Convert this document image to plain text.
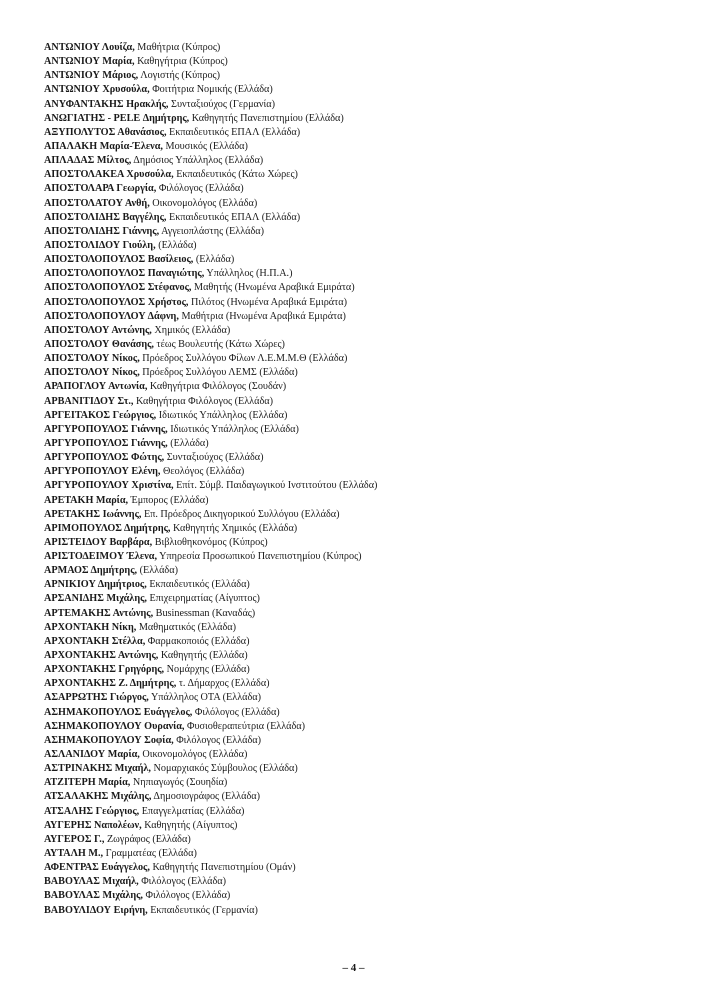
ΑΝΤΩΝΙΟΥ Λουίζα, Μαθήτρια (Κύπρος)
ΑΝΤΩΝΙΟΥ Μαρία, Καθηγήτρια (Κύπρος)
ΑΝΤΩΝΙΟΥ Μάριος, Λογιστής (Κύπρος)
ΑΝΤΩΝΙΟΥ Χρυσούλα, Φοιτήτρια Νομικής (Ελλάδα)
ΑΝΥΦΑΝΤΑΚΗΣ Ηρακλής, Συνταξιούχος (Γερμανία)
ΑΝΩΓΙΑΤΗΣ - PELE Δημήτρης, Καθηγητής Πανεπιστημίου (Ελλάδα)
ΑΞΥΠΟΛΥΤΟΣ Αθανάσιος, Εκπαιδευτικός ΕΠΑΛ (Ελλάδα)
ΑΠΑΛΑΚΗ Μαρία-Έλενα, Μουσικός (Ελλάδα)
ΑΠΛΑΔΑΣ Μίλτος, Δημόσιος Υπάλληλος (Ελλάδα)
ΑΠΟΣΤΟΛΑΚΕΑ Χρυσούλα, Εκπαιδευτικός (Κάτω Χώρες)
ΑΠΟΣΤΟΛΑΡΑ Γεωργία, Φιλόλογος (Ελλάδα)
ΑΠΟΣΤΟΛΑΤΟΥ Ανθή, Οικονομολόγος (Ελλάδα)
ΑΠΟΣΤΟΛΙΔΗΣ Βαγγέλης, Εκπαιδευτικός ΕΠΑΛ (Ελλάδα)
ΑΠΟΣΤΟΛΙΔΗΣ Γιάννης, Αγγειοπλάστης (Ελλάδα)
ΑΠΟΣΤΟΛΙΔΟΥ Γιούλη, (Ελλάδα)
ΑΠΟΣΤΟΛΟΠΟΥΛΟΣ Βασίλειος, (Ελλάδα)
ΑΠΟΣΤΟΛΟΠΟΥΛΟΣ Παναγιώτης, Υπάλληλος (Η.Π.Α.)
ΑΠΟΣΤΟΛΟΠΟΥΛΟΣ Στέφανος, Μαθητής (Ηνωμένα Αραβικά Εμιράτα)
ΑΠΟΣΤΟΛΟΠΟΥΛΟΣ Χρήστος, Πιλότος (Ηνωμένα Αραβικά Εμιράτα)
ΑΠΟΣΤΟΛΟΠΟΥΛΟΥ Δάφνη, Μαθήτρια (Ηνωμένα Αραβικά Εμιράτα)
ΑΠΟΣΤΟΛΟΥ Αντώνης, Χημικός (Ελλάδα)
ΑΠΟΣΤΟΛΟΥ Θανάσης, τέως Βουλευτής (Κάτω Χώρες)
ΑΠΟΣΤΟΛΟΥ Νίκος, Πρόεδρος Συλλόγου Φίλων Λ.Ε.Μ.Μ.Θ (Ελλάδα)
ΑΠΟΣΤΟΛΟΥ Νίκος, Πρόεδρος Συλλόγου ΛΕΜΣ (Ελλάδα)
ΑΡΑΠΟΓΛΟΥ Αντωνία, Καθηγήτρια Φιλόλογος (Σουδάν)
ΑΡΒΑΝΙΤΙΔΟΥ Στ., Καθηγήτρια Φιλόλογος (Ελλάδα)
ΑΡΓΕΙΤΑΚΟΣ Γεώργιος, Ιδιωτικός Υπάλληλος (Ελλάδα)
ΑΡΓΥΡΟΠΟΥΛΟΣ Γιάννης, Ιδιωτικός Υπάλληλος (Ελλάδα)
ΑΡΓΥΡΟΠΟΥΛΟΣ Γιάννης, (Ελλάδα)
ΑΡΓΥΡΟΠΟΥΛΟΣ Φώτης, Συνταξιούχος (Ελλάδα)
ΑΡΓΥΡΟΠΟΥΛΟΥ Ελένη, Θεολόγος (Ελλάδα)
ΑΡΓΥΡΟΠΟΥΛΟΥ Χριστίνα, Επίτ. Σύμβ. Παιδαγωγικού Ινστιτούτου (Ελλάδα)
ΑΡΕΤΑΚΗ Μαρία, Έμπορος (Ελλάδα)
ΑΡΕΤΑΚΗΣ Ιωάννης, Επ. Πρόεδρος Δικηγορικού Συλλόγου (Ελλάδα)
ΑΡΙΜΟΠΟΥΛΟΣ Δημήτρης, Καθηγητής Χημικός (Ελλάδα)
ΑΡΙΣΤΕΙΔΟΥ Βαρβάρα, Βιβλιοθηκονόμος (Κύπρος)
ΑΡΙΣΤΟΔΕΙΜΟΥ Έλενα, Υπηρεσία Προσωπικού Πανεπιστημίου (Κύπρος)
ΑΡΜΑΟΣ Δημήτρης, (Ελλάδα)
ΑΡΝΙΚΙΟΥ Δημήτριος, Εκπαιδευτικός (Ελλάδα)
ΑΡΣΑΝΙΔΗΣ Μιχάλης, Επιχειρηματίας (Αίγυπτος)
ΑΡΤΕΜΑΚΗΣ Αντώνης, Businessman (Καναδάς)
ΑΡΧΟΝΤΑΚΗ Νίκη, Μαθηματικός (Ελλάδα)
ΑΡΧΟΝΤΑΚΗ Στέλλα, Φαρμακοποιός (Ελλάδα)
ΑΡΧΟΝΤΑΚΗΣ Αντώνης, Καθηγητής (Ελλάδα)
ΑΡΧΟΝΤΑΚΗΣ Γρηγόρης, Νομάρχης (Ελλάδα)
ΑΡΧΟΝΤΑΚΗΣ Ζ. Δημήτρης, τ. Δήμαρχος (Ελλάδα)
ΑΣΑΡΡΩΤΗΣ Γιώργος, Υπάλληλος ΟΤΑ (Ελλάδα)
ΑΣΗΜΑΚΟΠΟΥΛΟΣ Ευάγγελος, Φιλόλογος (Ελλάδα)
ΑΣΗΜΑΚΟΠΟΥΛΟΥ Ουρανία, Φυσιοθεραπεύτρια (Ελλάδα)
ΑΣΗΜΑΚΟΠΟΥΛΟΥ Σοφία, Φιλόλογος (Ελλάδα)
ΑΣΛΑΝΙΔΟΥ Μαρία, Οικονομολόγος (Ελλάδα)
ΑΣΤΡΙΝΑΚΗΣ Μιχαήλ, Νομαρχιακός Σύμβουλος (Ελλάδα)
ΑΤΖΙΤΕΡΗ Μαρία, Νηπιαγωγός (Σουηδία)
ΑΤΣΑΛΑΚΗΣ Μιχάλης, Δημοσιογράφος (Ελλάδα)
ΑΤΣΑΛΗΣ Γεώργιος, Επαγγελματίας (Ελλάδα)
ΑΥΓΕΡΗΣ Ναπολέων, Καθηγητής (Αίγυπτος)
ΑΥΓΕΡΟΣ Γ., Ζωγράφος (Ελλάδα)
ΑΥΤΑΛΗ Μ., Γραμματέας (Ελλάδα)
ΑΦΕΝΤΡΑΣ Ευάγγελος, Καθηγητής Πανεπιστημίου (Ομάν)
ΒΑΒΟΥΛΑΣ Μιχαήλ, Φιλόλογος (Ελλάδα)
ΒΑΒΟΥΛΑΣ Μιχάλης, Φιλόλογος (Ελλάδα)
ΒΑΒΟΥΛΙΔΟΥ Ειρήνη, Εκπαιδευτικός (Γερμανία)
– 4 –
